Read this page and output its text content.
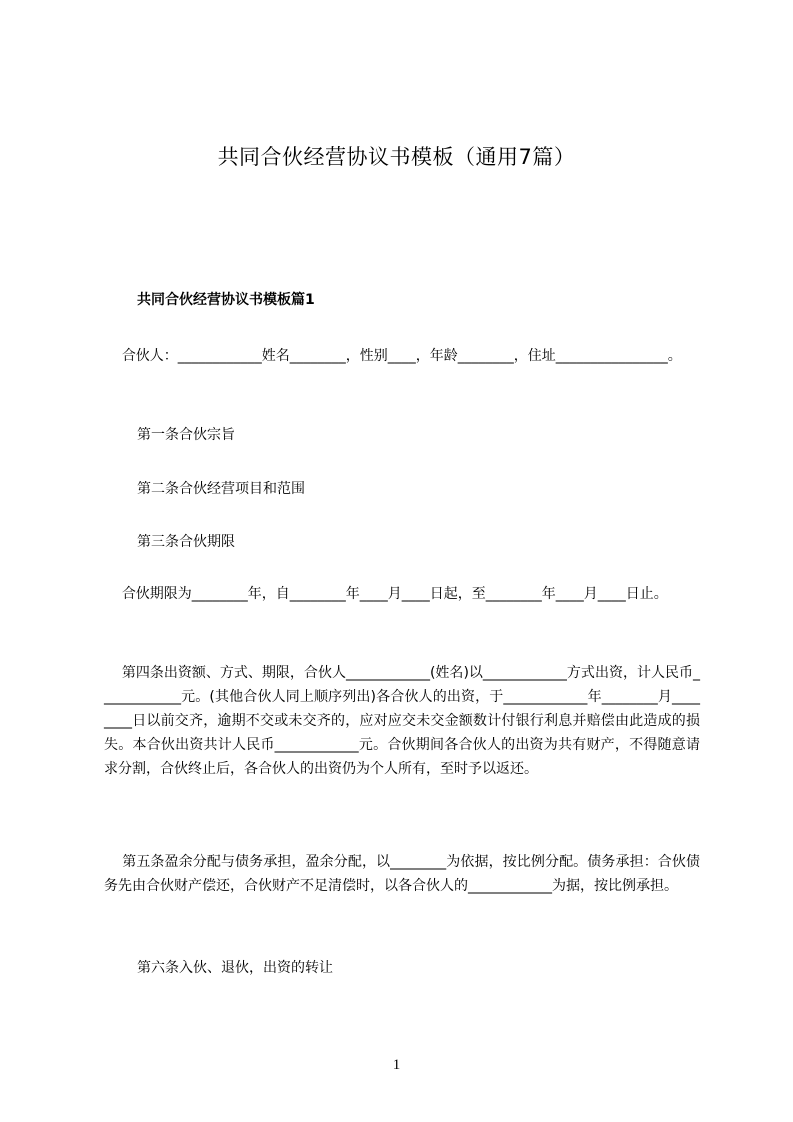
共同合伙经营协议书模板（通用7篇）
共同合伙经营协议书模板篇1
合伙人：____________姓名________，性别____，年龄________，住址________________。
第一条合伙宗旨
第二条合伙经营项目和范围
第三条合伙期限
合伙期限为________年，自________年____月____日起，至________年____月____日止。
第四条出资额、方式、期限，合伙人____________(姓名)以____________方式出资，计人民币____________元。(其他合伙人同上顺序列出)各合伙人的出资，于____________年________月________日以前交齐，逾期不交或未交齐的，应对应交未交金额数计付银行利息并赔偿由此造成的损失。本合伙出资共计人民币____________元。合伙期间各合伙人的出资为共有财产，不得随意请求分割，合伙终止后，各合伙人的出资仍为个人所有，至时予以返还。
第五条盈余分配与债务承担，盈余分配，以________为依据，按比例分配。债务承担：合伙债务先由合伙财产偿还，合伙财产不足清偿时，以各合伙人的____________为据，按比例承担。
第六条入伙、退伙，出资的转让
1
